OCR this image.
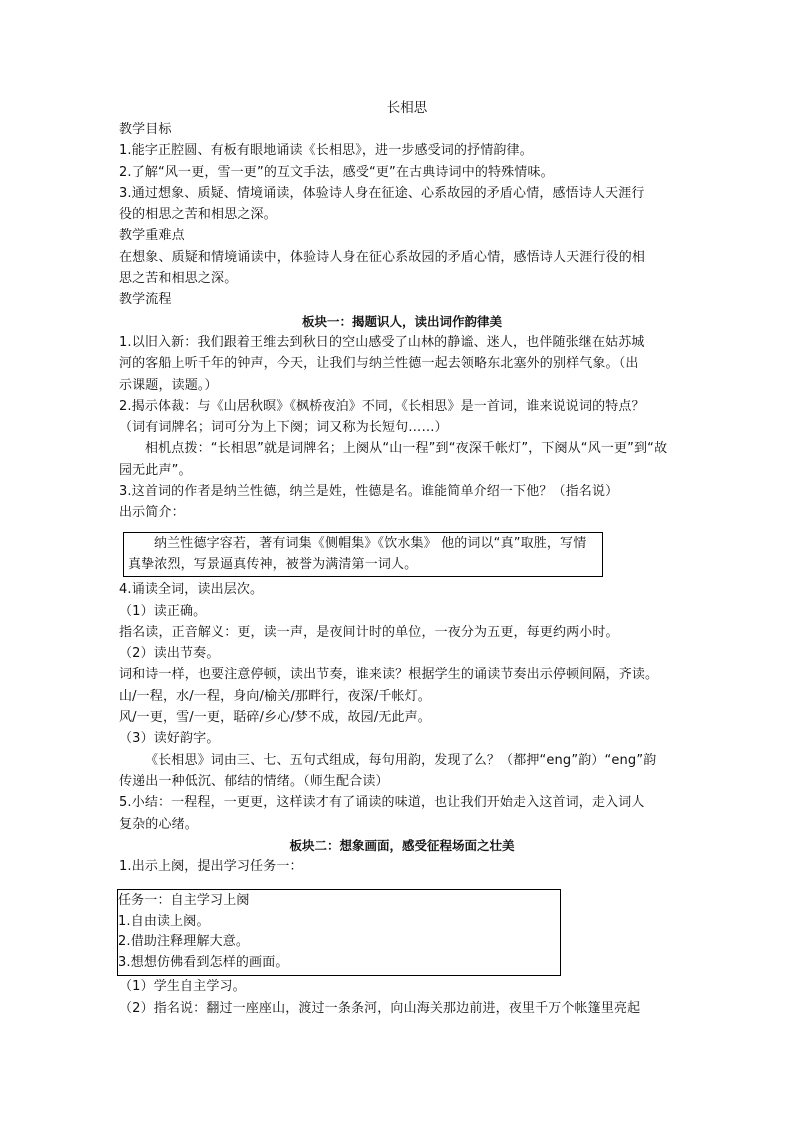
长相思
教学目标
1.能字正腔圆、有板有眼地诵读《长相思》，进一步感受词的抒情韵律。
2.了解“风一更，雪一更”的互文手法，感受“更”在古典诗词中的特殊情味。
3.通过想象、质疑、情境诵读，体验诗人身在征途、心系故园的矛盾心情，感悟诗人天涯行
役的相思之苦和相思之深。
教学重难点
在想象、质疑和情境诵读中，体验诗人身在征心系故园的矛盾心情，感悟诗人天涯行役的相
思之苦和相思之深。
教学流程
板块一：揭题识人，读出词作韵律美
1.以旧入新：我们跟着王维去到秋日的空山感受了山林的静谧、迷人，也伴随张继在姑苏城
河的客船上听千年的钟声，今天，让我们与纳兰性德一起去领略东北塞外的别样气象。（出
示课题，读题。）
2.揭示体裁：与《山居秋暝》《枫桥夜泊》不同，《长相思》是一首词，谁来说说词的特点？
（词有词牌名；词可分为上下阕；词又称为长短句……）
相机点拨：“长相思”就是词牌名；上阕从“山一程”到“夜深千帐灯”，下阕从“风一更”到“故
园无此声”。
3.这首词的作者是纳兰性德，纳兰是姓，性德是名。谁能简单介绍一下他？（指名说）
出示简介：
纳兰性德字容若，著有词集《侧帽集》《饮水集》 他的词以“真”取胜，写情真挚浓烈，写景逼真传神，被誉为满清第一词人。
4.诵读全词，读出层次。
（1）读正确。
指名读，正音解义：更，读一声，是夜间计时的单位，一夜分为五更，每更约两小时。
（2）读出节奏。
词和诗一样，也要注意停顿，读出节奏，谁来读？根据学生的诵读节奏出示停顿间隔，齐读。
山/一程，水/一程，身向/榆关/那畔行，夜深/千帐灯。
风/一更，雪/一更，聒碎/乡心/梦不成，故园/无此声。
（3）读好韵字。
《长相思》词由三、七、五句式组成，每句用韵，发现了么？（都押“eng”韵）“eng”韵
传递出一种低沉、郁结的情绪。（师生配合读）
5.小结：一程程，一更更，这样读才有了诵读的味道，也让我们开始走入这首词，走入词人
复杂的心绪。
板块二：想象画面，感受征程场面之壮美
1.出示上阕，提出学习任务一：
任务一：自主学习上阕
1.自由读上阕。
2.借助注释理解大意。
3.想想仿佛看到怎样的画面。
（1）学生自主学习。
（2）指名说：翻过一座座山，渡过一条条河，向山海关那边前进，夜里千万个帐篷里亮起
